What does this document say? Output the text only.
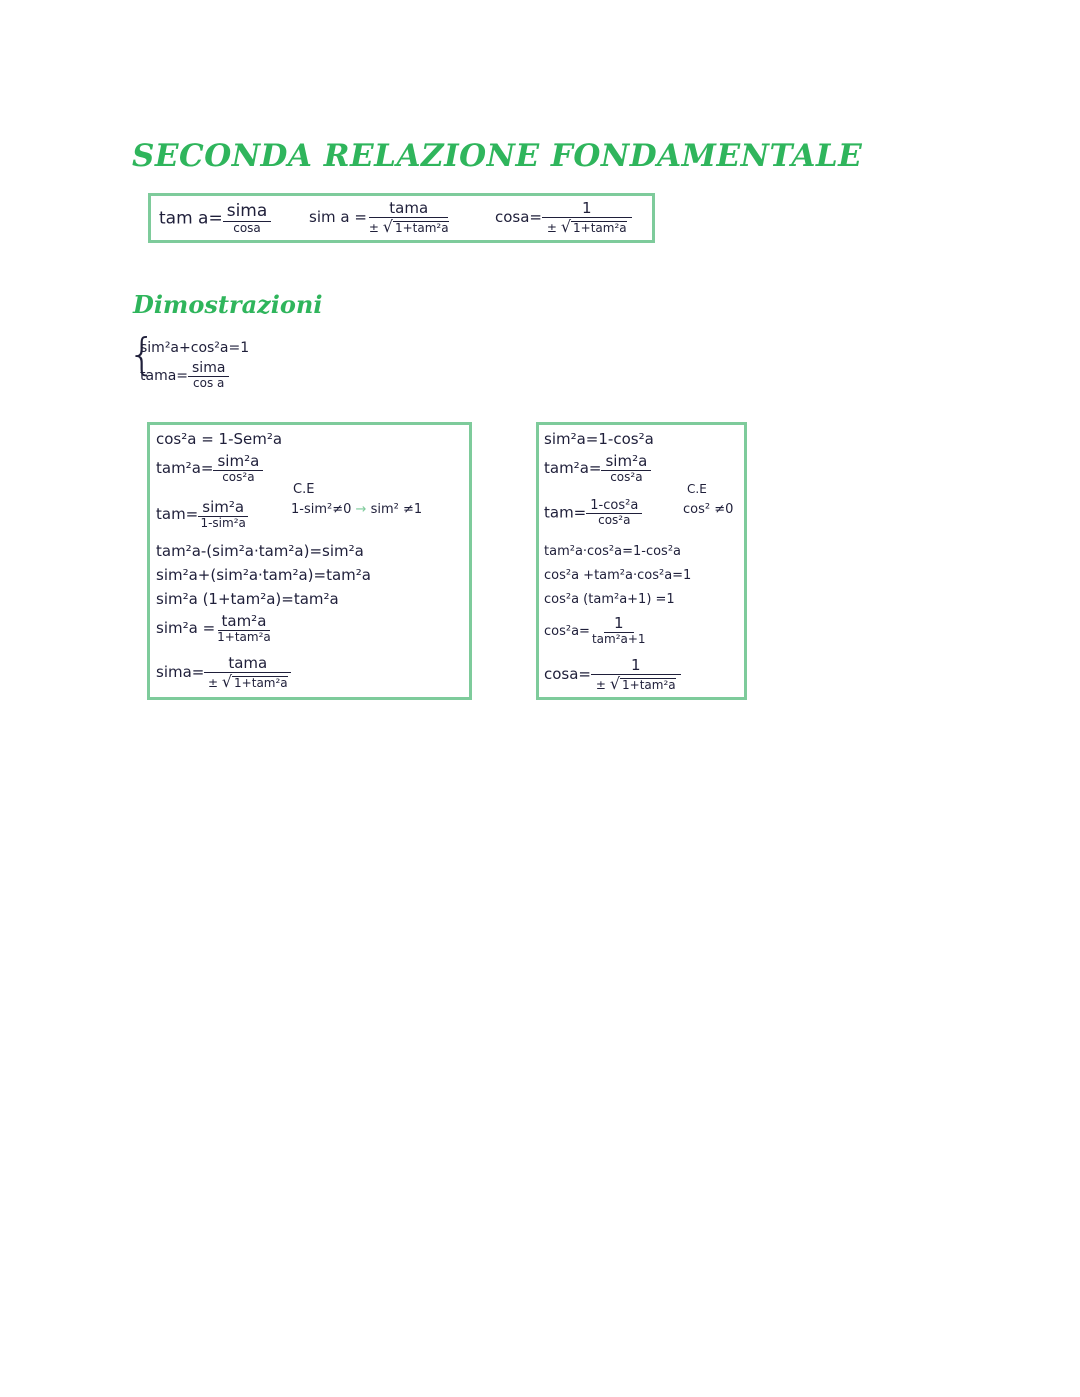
SECONDA RELAZIONE FONDAMENTALE
tam $a= \frac{\text{sima}}{\cos a}$	sim $a = \frac{\text{tama}}{\text{± √ 1+tam²a}}$	$\cos a= \frac{1}{\text{± √ 1+tam²a}}$
Dimostrazioni
{
sim²a+cos²a=1
tama= $\frac{\text{sima}}{\text{cos a}}$
cos²a = 1-Sem²a
$tam^2a= \frac{\text{sim²a}}{\text{cos²a}}$
C.E
$tam= \frac{\text{sim²a}}{\text{1-sim²a}}$	1-sim²≠0 → sim² ≠1
tam²a-(sim²a·tam²a)=sim²a
sim²a+(sim²a·tam²a)=tam²a
sim²a (1+tam²a)=tam²a
$sim^2a = \frac{\text{tam²a}}{\text{1+tam²a}}$
sima= $\frac{\text{tama}}{\text{± √ 1+tam²a}}$
sim²a=1-cos²a
$tam^2a= \frac{\text{sim²a}}{\text{cos²a}}$
C.E
$tam= \frac{\text{1-cos²a}}{\text{cos²a}}$	cos² ≠0
tam²a·cos²a=1-cos²a
cos²a +tam²a·cos²a=1
cos²a (tam²a+1) =1
$\cos^2a= \frac{1}{\text{tam²a+1}}$
$\cos a= \frac{1}{\text{± √ 1+tam²a}}$
